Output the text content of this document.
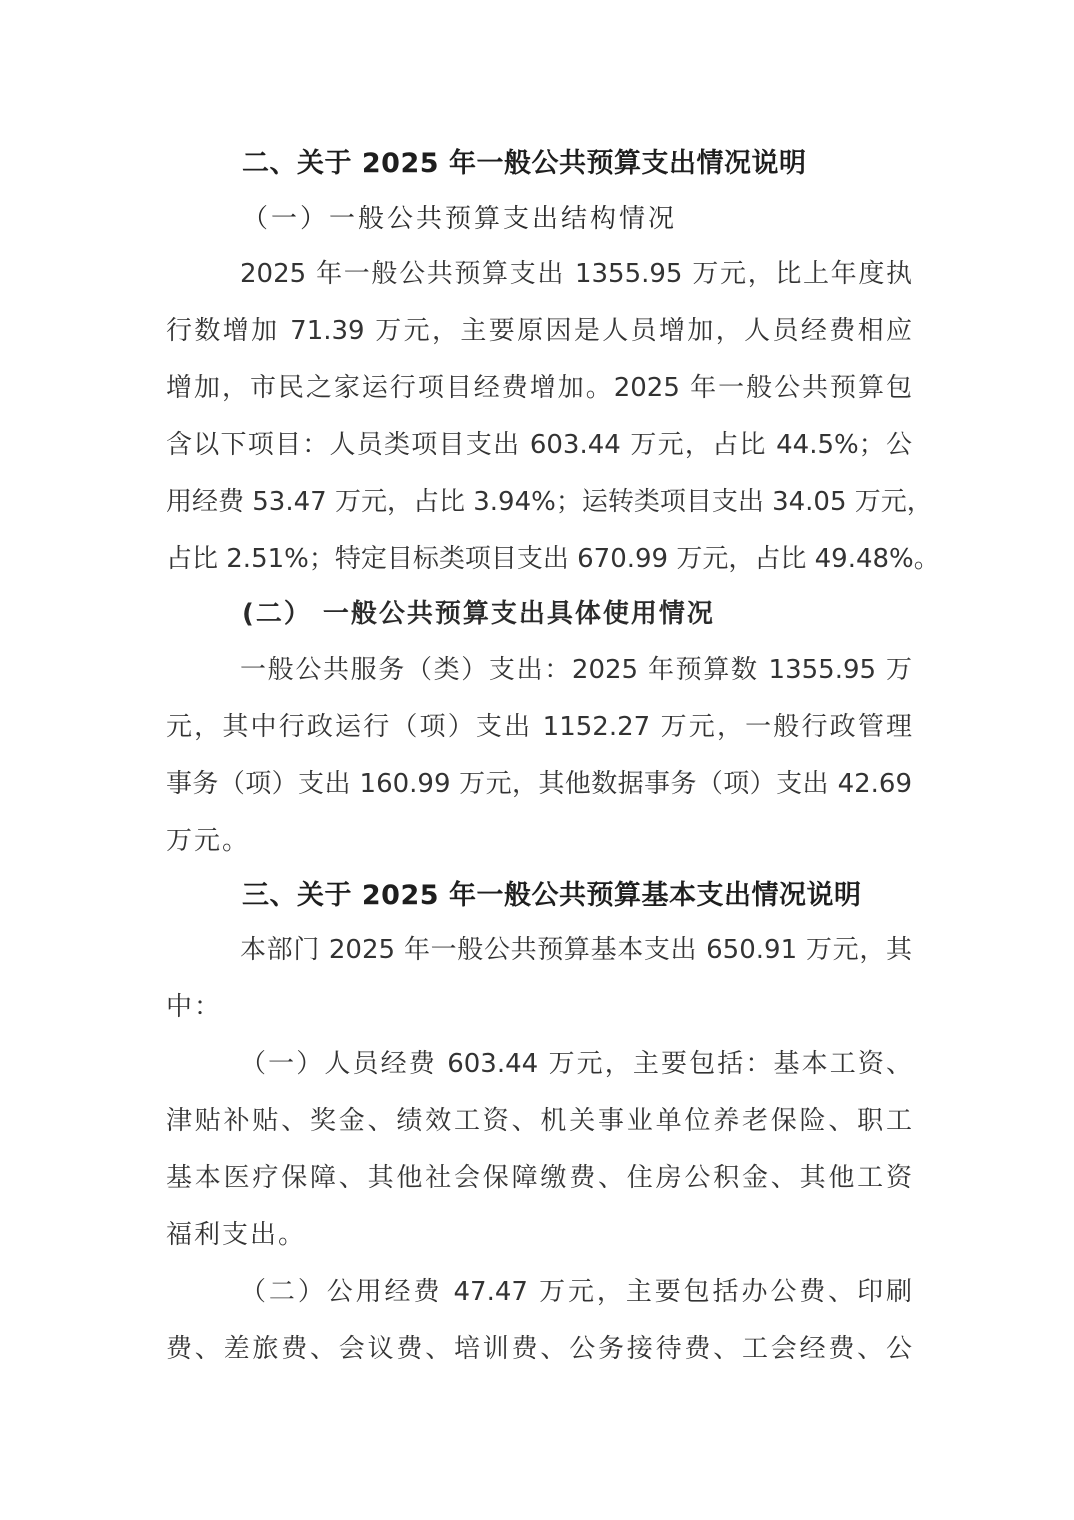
二、关于 2025 年一般公共预算支出情况说明
（一）一般公共预算支出结构情况
2025 年一般公共预算支出 1355.95 万元，比上年度执
行数增加 71.39 万元，主要原因是人员增加，人员经费相应
增加，市民之家运行项目经费增加。2025 年一般公共预算包
含以下项目：人员类项目支出 603.44 万元，占比 44.5%；公
用经费 53.47 万元，占比 3.94%；运转类项目支出 34.05 万元，
占比 2.51%；特定目标类项目支出 670.99 万元，占比 49.48%。
(二） 一般公共预算支出具体使用情况
一般公共服务（类）支出：2025 年预算数 1355.95 万
元，其中行政运行（项）支出 1152.27 万元，一般行政管理
事务（项）支出 160.99 万元，其他数据事务（项）支出 42.69
万元。
三、关于 2025 年一般公共预算基本支出情况说明
本部门 2025 年一般公共预算基本支出 650.91 万元，其
中：
（一）人员经费 603.44 万元，主要包括：基本工资、
津贴补贴、奖金、绩效工资、机关事业单位养老保险、职工
基本医疗保障、其他社会保障缴费、住房公积金、其他工资
福利支出。
（二）公用经费 47.47 万元，主要包括办公费、印刷
费、差旅费、会议费、培训费、公务接待费、工会经费、公
